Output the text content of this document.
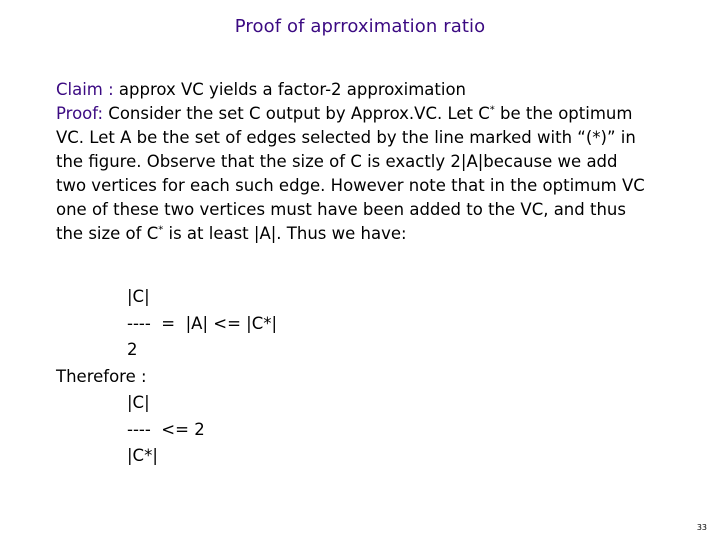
Proof of aprroximation ratio
Claim : approx VC yields a factor-2 approximation
Proof: Consider the set C output by Approx.VC. Let C* be the optimum
VC. Let A be the set of edges selected by the line marked with “(*)” in
the figure. Observe that the size of C is exactly 2|A|because we add
two vertices for each such edge. However note that in the optimum VC
one of these two vertices must have been added to the VC, and thus
the size of C* is at least |A|. Thus we have:
|C|
----  =  |A| <= |C*|
2
Therefore :
|C|
----  <= 2
|C*|
33
